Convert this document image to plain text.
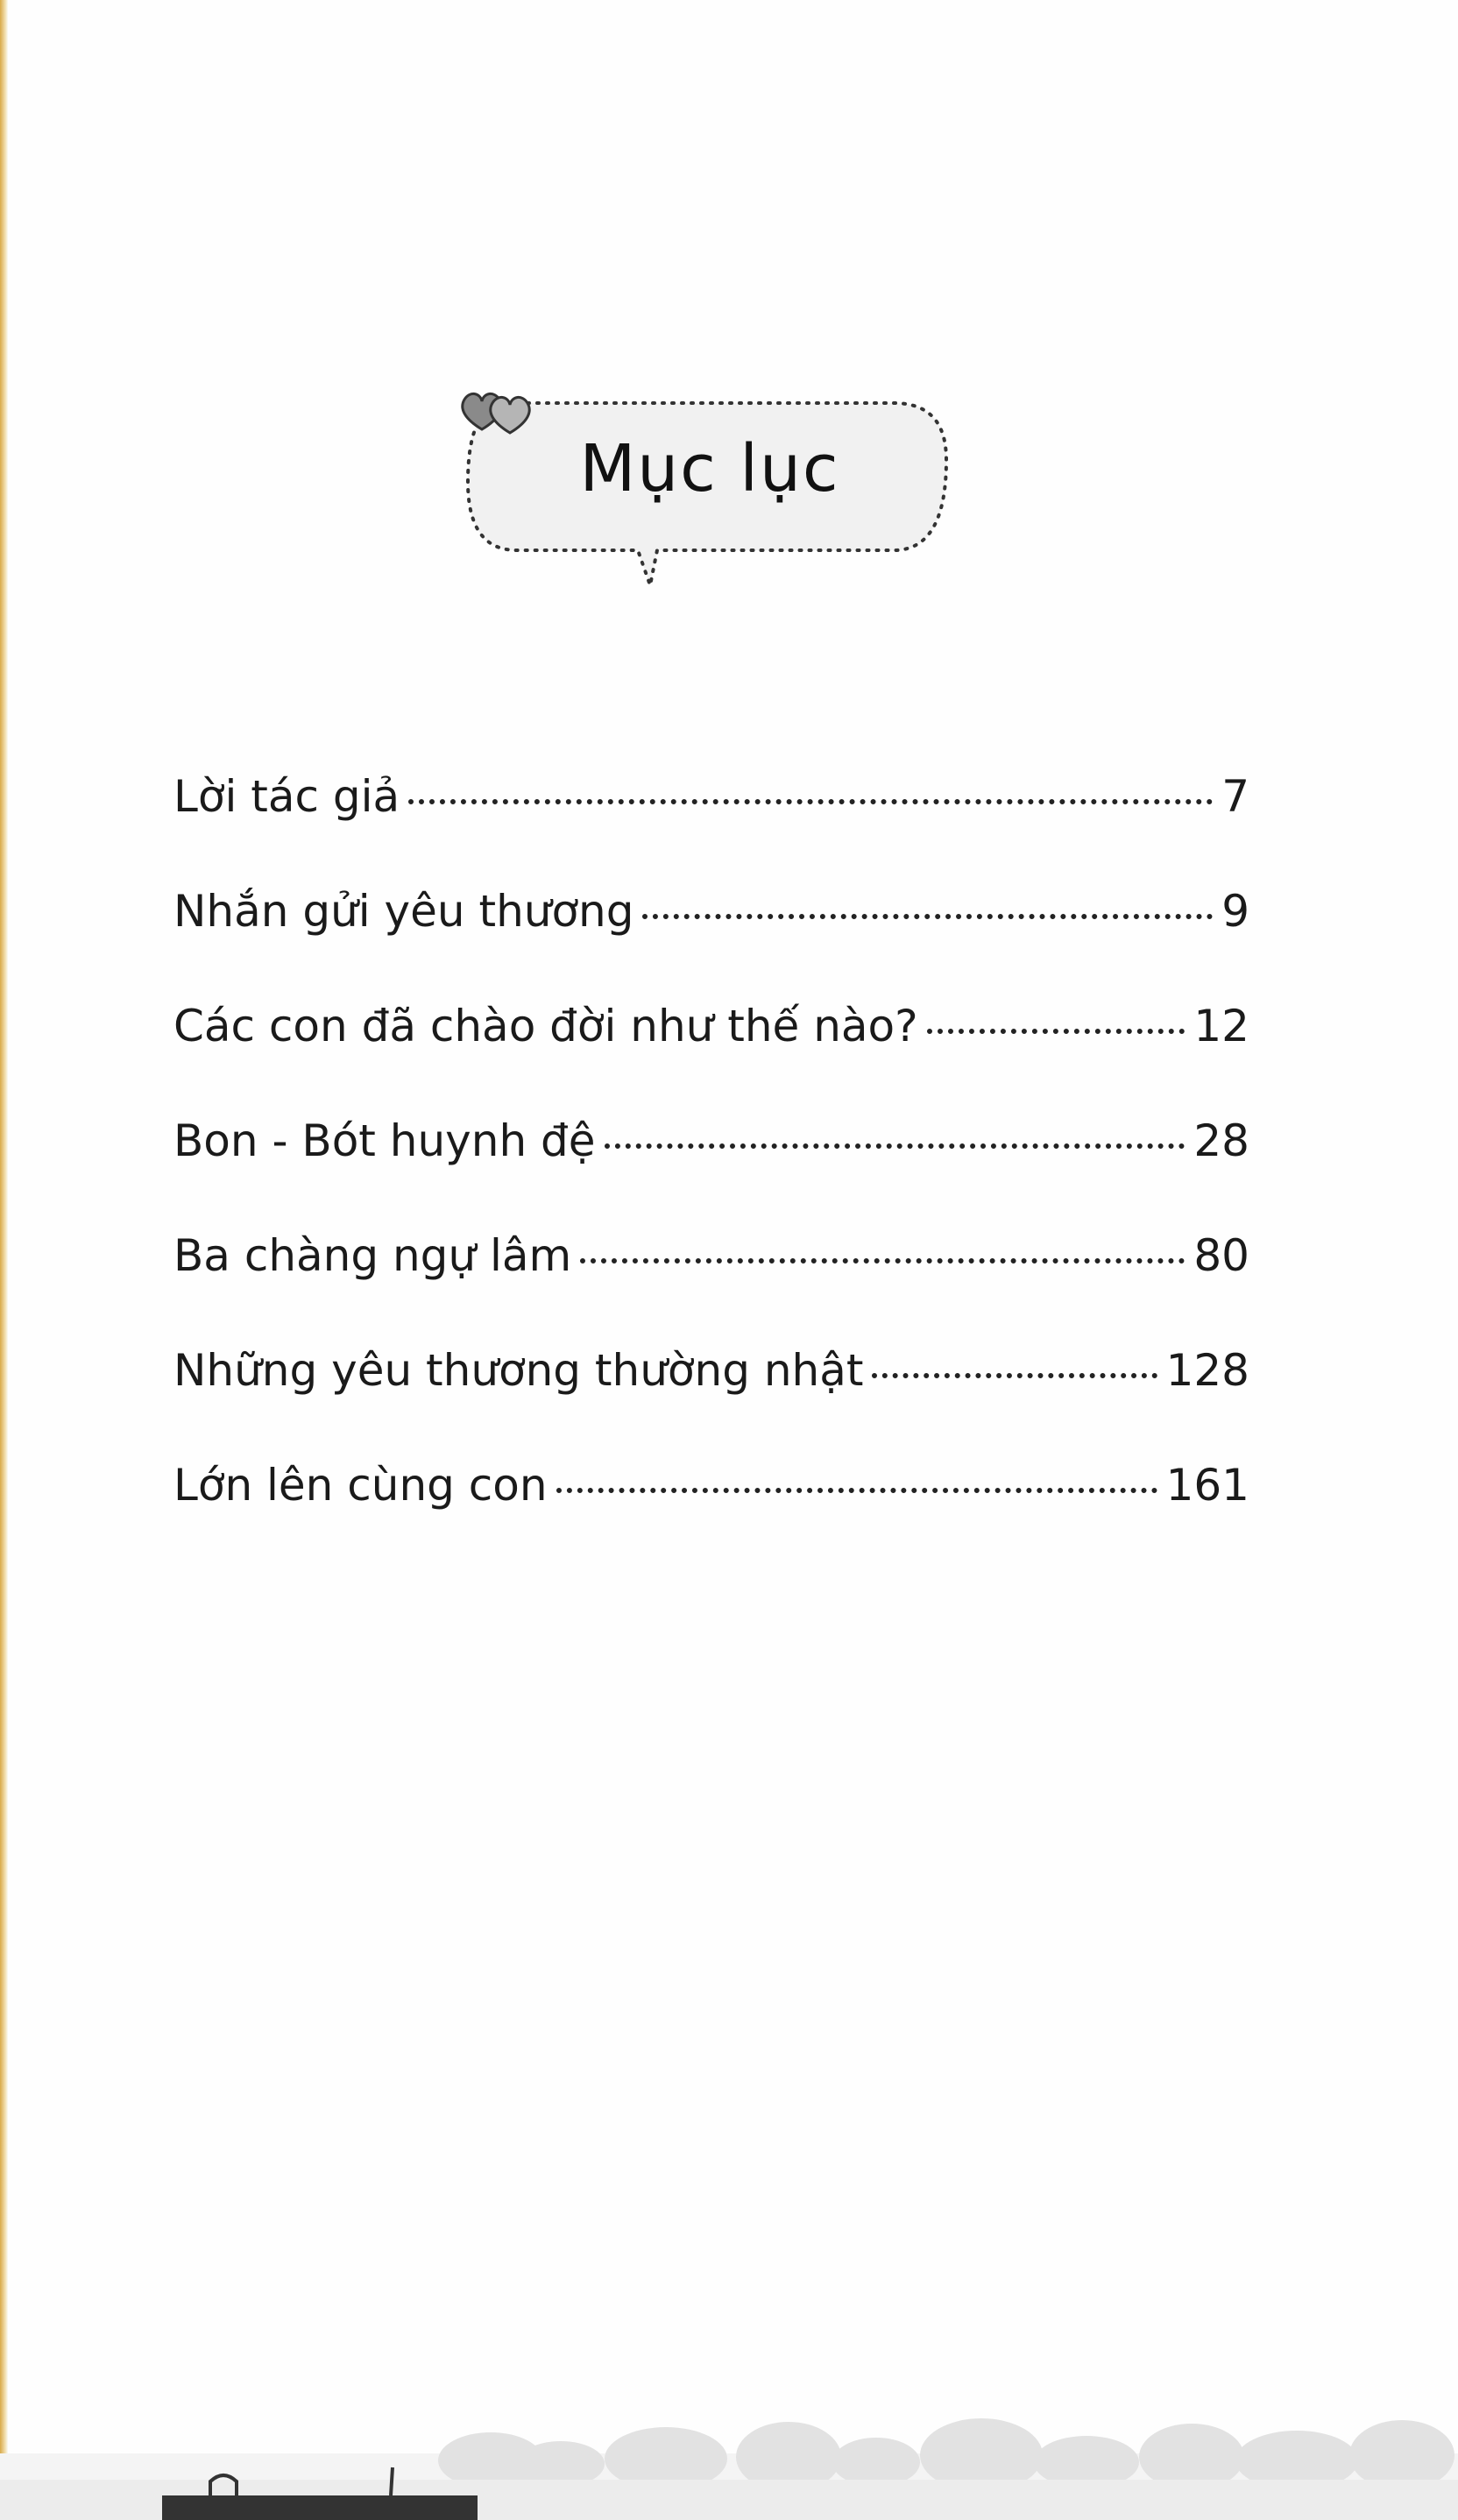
Mục lục
Lời tác giả	7
Nhắn gửi yêu thương	9
Các con đã chào đời như thế nào?	12
Bon - Bót huynh đệ	28
Ba chàng ngự lâm	80
Những yêu thương thường nhật	128
Lớn lên cùng con	161
